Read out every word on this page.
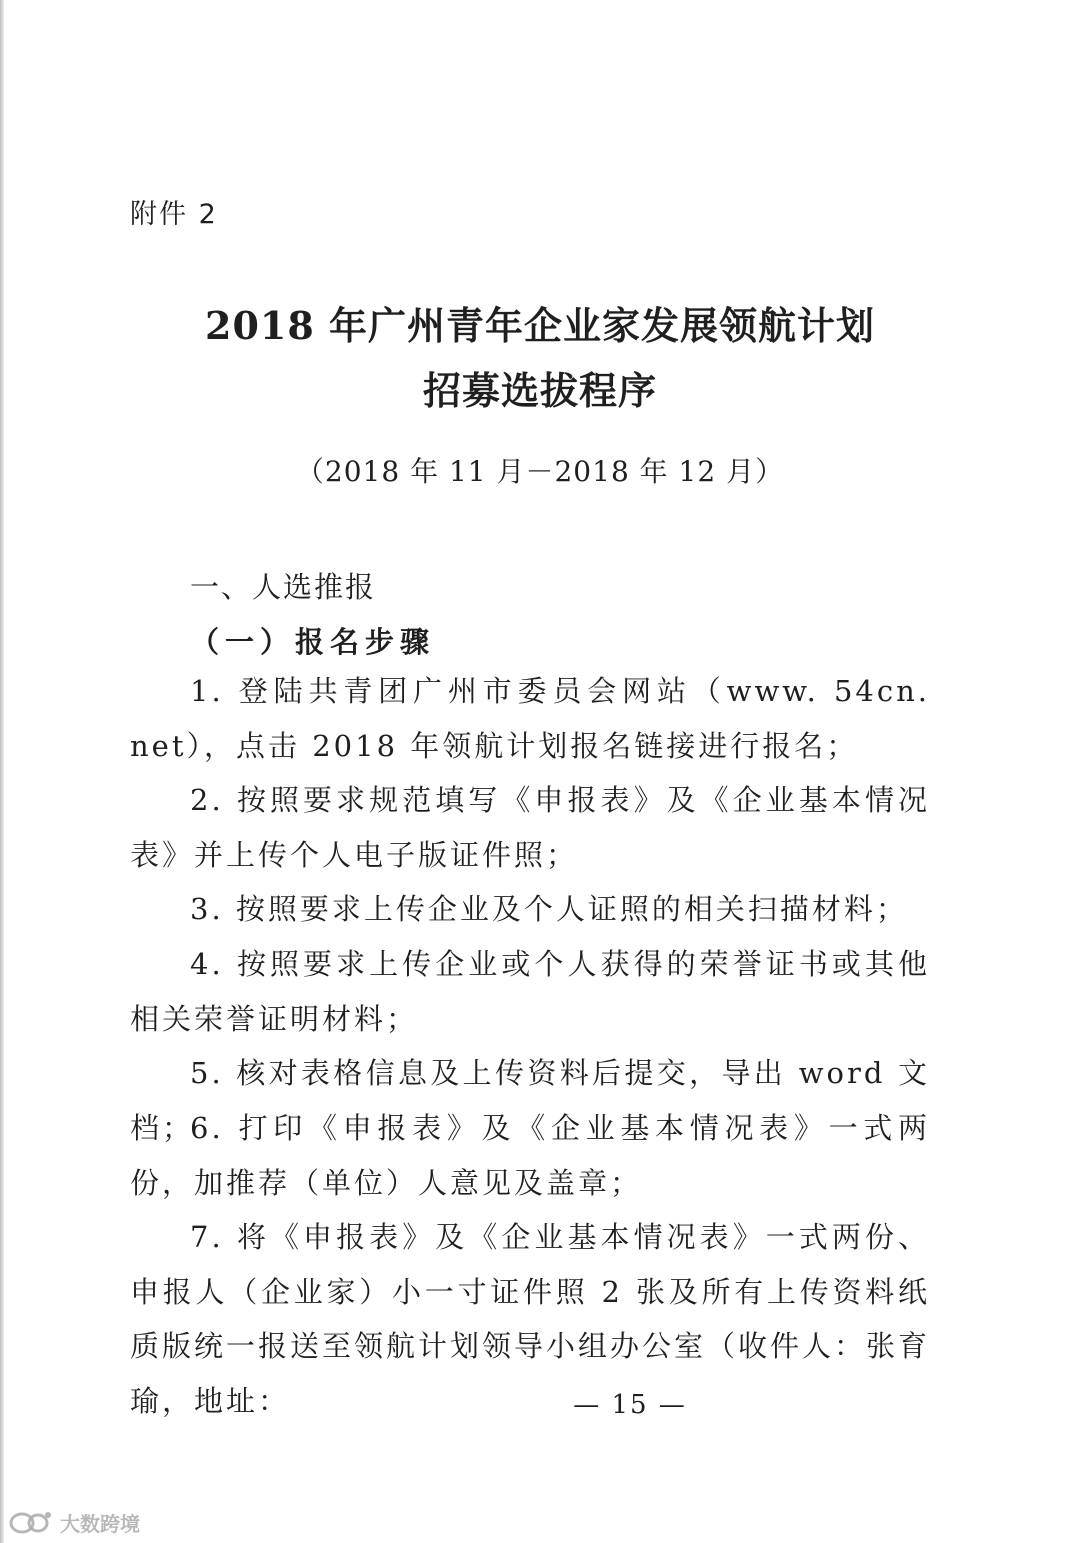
附件 2
2018 年广州青年企业家发展领航计划
招募选拔程序
（2018 年 11 月－2018 年 12 月）
一、人选推报
（一）报名步骤
1. 登陆共青团广州市委员会网站（www. 54cn. net），点击 2018 年领航计划报名链接进行报名；
2. 按照要求规范填写《申报表》及《企业基本情况表》并上传个人电子版证件照；
3. 按照要求上传企业及个人证照的相关扫描材料；
4. 按照要求上传企业或个人获得的荣誉证书或其他相关荣誉证明材料；
5. 核对表格信息及上传资料后提交，导出 word 文档；
6. 打印《申报表》及《企业基本情况表》一式两份，加推荐（单位）人意见及盖章；
7. 将《申报表》及《企业基本情况表》一式两份、申报人（企业家）小一寸证件照 2 张及所有上传资料纸质版统一报送至领航计划领导小组办公室（收件人：张育瑜，地址：	— 15 —
大数跨境
